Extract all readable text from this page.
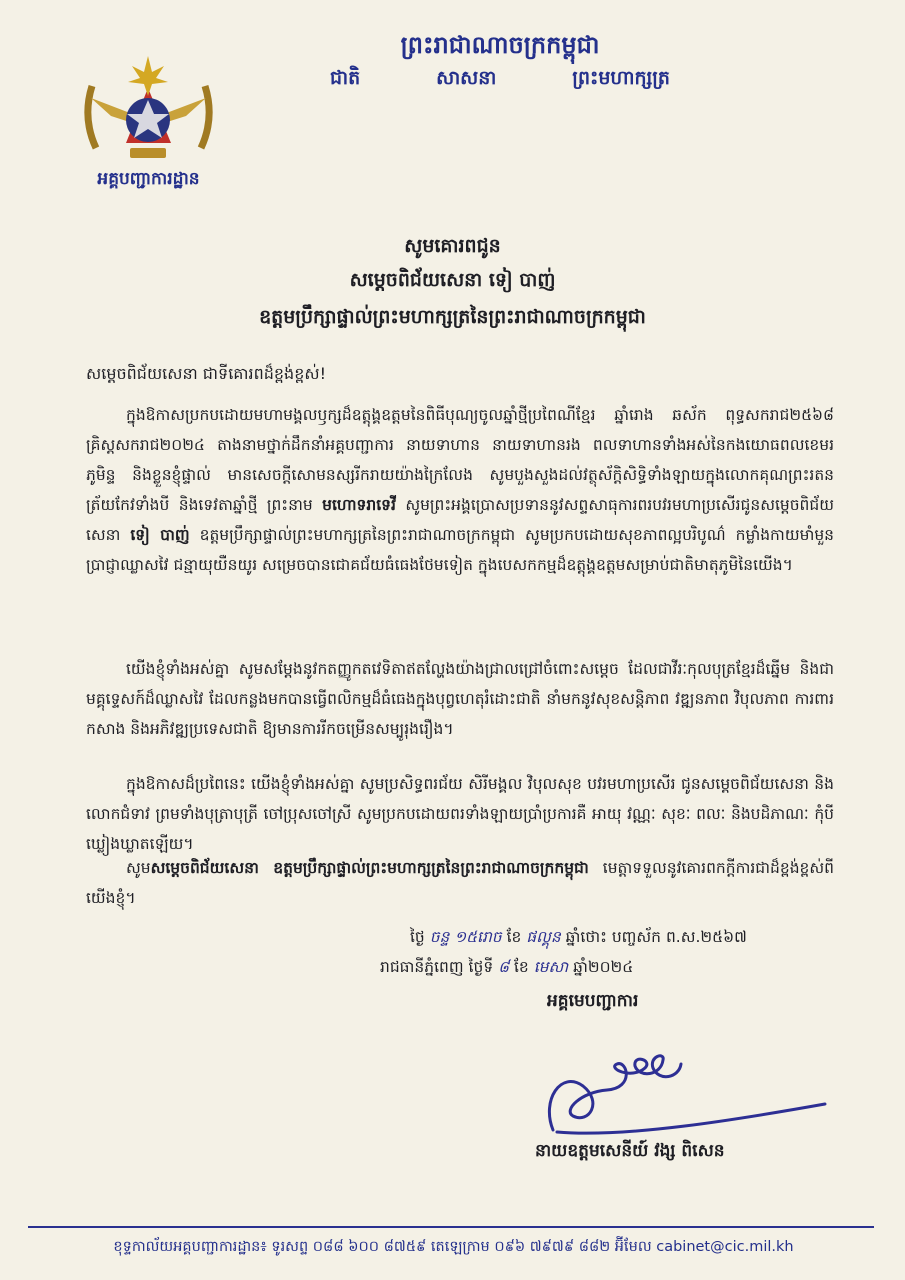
ព្រះរាជាណាចក្រកម្ពុជា
ជាតិ	សាសនា	ព្រះមហាក្សត្រ
អគ្គបញ្ជាការដ្ឋាន
សូមគោរពជូន
សម្តេចពិជ័យសេនា ទៀ បាញ់
ឧត្តមប្រឹក្សាផ្ទាល់ព្រះមហាក្សត្រនៃព្រះរាជាណាចក្រកម្ពុជា
សម្តេចពិជ័យសេនា ជាទីគោរពដ៏ខ្ពង់ខ្ពស់!
ក្នុងឱកាសប្រកបដោយមហាមង្គលឫក្សដ៏ឧត្តុង្គឧត្តមនៃពិធីបុណ្យចូលឆ្នាំថ្មីប្រពៃណីខ្មែរ ឆ្នាំរោង ឆស័ក ពុទ្ធសករាជ២៥៦៨ គ្រិស្តសករាជ២០២៤ តាងនាមថ្នាក់ដឹកនាំអគ្គបញ្ជាការ នាយទាហាន នាយទាហានរង ពលទាហានទាំងអស់នៃកងយោធពលខេមរភូមិន្ទ និងខ្លួនខ្ញុំផ្ទាល់ មានសេចក្តីសោមនស្សរីករាយយ៉ាងក្រៃលែង សូមបួងសួងដល់វត្ថុស័ក្តិសិទ្ធិទាំងឡាយក្នុងលោកគុណព្រះរតនត្រ័យកែវទាំងបី និងទេវតាឆ្នាំថ្មី ព្រះនាម មហោទរាទេវី សូមព្រះអង្គប្រោសប្រទាននូវសព្ទសាធុការពរបវរមហាប្រសើរជូនសម្តេចពិជ័យសេនា ទៀ បាញ់ ឧត្តមប្រឹក្សាផ្ទាល់ព្រះមហាក្សត្រនៃព្រះរាជាណាចក្រកម្ពុជា សូមប្រកបដោយសុខភាពល្អបរិបូណ៌ កម្លាំងកាយមាំមួន ប្រាជ្ញាឈ្លាសវៃ ជន្មាយុយឺនយូរ សម្រេចបានជោគជ័យធំធេងថែមទៀត ក្នុងបេសកកម្មដ៏ឧត្តុង្គឧត្តមសម្រាប់ជាតិមាតុភូមិនៃយើង។
យើងខ្ញុំទាំងអស់គ្នា សូមសម្តែងនូវកតញ្ញូកតវេទិតាឥតល្ហែងយ៉ាងជ្រាលជ្រៅចំពោះសម្តេច ដែលជាវីរៈកុលបុត្រខ្មែរដ៏ឆ្នើម និងជាមគ្គុទ្ទេសក៍ដ៏ឈ្លាសវៃ ដែលកន្លងមកបានធ្វើពលិកម្មដ៏ធំធេងក្នុងបុព្វហេតុរំដោះជាតិ នាំមកនូវសុខសន្តិភាព វឌ្ឍនភាព វិបុលភាព ការពារ កសាង និងអភិវឌ្ឍប្រទេសជាតិ ឱ្យមានការរីកចម្រើនសម្បូរុងរឿង។
ក្នុងឱកាសដ៏ប្រពៃនេះ យើងខ្ញុំទាំងអស់គ្នា សូមប្រសិទ្ធពរជ័យ សិរីមង្គល វិបុលសុខ បវរមហាប្រសើរ ជូនសម្តេចពិជ័យសេនា និងលោកជំទាវ ព្រមទាំងបុត្រាបុត្រី ចៅប្រុសចៅស្រី សូមប្រកបដោយពរទាំងឡាយប្រាំប្រការគឺ អាយុ វណ្ណៈ សុខៈ ពលៈ និងបដិភាណៈ កុំបីឃ្លៀងឃ្លាតឡើយ។
សូមសម្តេចពិជ័យសេនា ឧត្តមប្រឹក្សាផ្ទាល់ព្រះមហាក្សត្រនៃព្រះរាជាណាចក្រកម្ពុជា មេត្តាទទួលនូវគោរពកក្តីការជាដ៏ខ្ពង់ខ្ពស់ពីយើងខ្ញុំ។
ថ្ងៃ ចន្ទ ១៥រោច ខែ ផល្គុន ឆ្នាំថោះ បញ្ចស័ក ព.ស.២៥៦៧
រាជធានីភ្នំពេញ ថ្ងៃទី ៨ ខែ មេសា ឆ្នាំ២០២៤
អគ្គមេបញ្ជាការ
នាយឧត្តមសេនីយ៍ វង្ស ពិសេន
ខុទ្ទកាល័យអគ្គបញ្ជាការដ្ឋាន៖ ទូរសព្ទ ០៨៨ ៦០០ ៨៧៥៩ តេឡេក្រាម ០៩៦ ៧៩៧៩ ៨៨២ អ៊ីមែល cabinet@cic.mil.kh
